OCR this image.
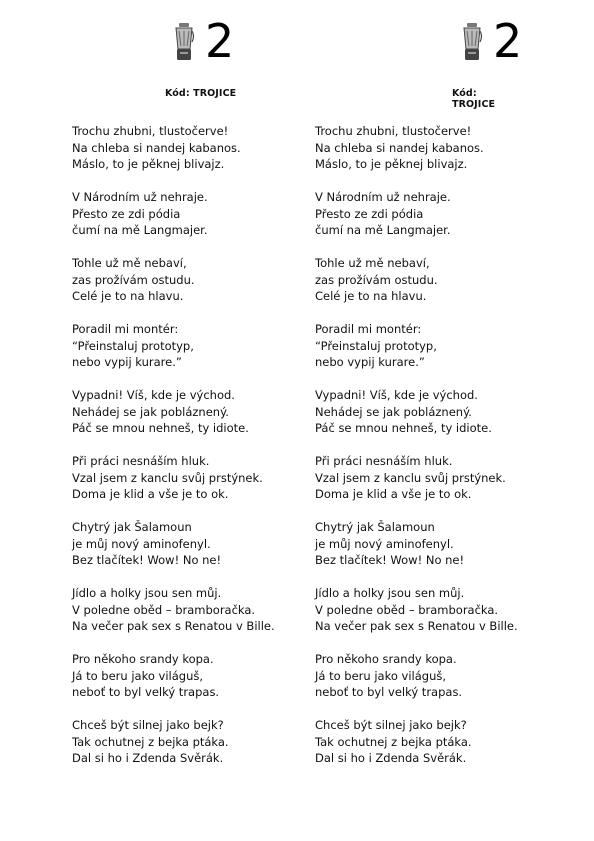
2
Kód: TROJICE
Trochu zhubni, tlustočerve!
Na chleba si nandej kabanos.
Máslo, to je pěknej blivajz.
V Národním už nehraje.
Přesto ze zdi pódia
čumí na mě Langmajer.
Tohle už mě nebaví,
zas prožívám ostudu.
Celé je to na hlavu.
Poradil mi montér:
“Přeinstaluj prototyp,
nebo vypij kurare.”
Vypadni! Víš, kde je východ.
Nehádej se jak pobláznený.
Páč se mnou nehneš, ty idiote.
Při práci nesnáším hluk.
Vzal jsem z kanclu svůj prstýnek.
Doma je klid a vše je to ok.
Chytrý jak Šalamoun
je můj nový aminofenyl.
Bez tlačítek! Wow! No ne!
Jídlo a holky jsou sen můj.
V poledne oběd – bramboračka.
Na večer pak sex s Renatou v Bille.
Pro někoho srandy kopa.
Já to beru jako világuš,
neboť to byl velký trapas.
Chceš být silnej jako bejk?
Tak ochutnej z bejka ptáka.
Dal si ho i Zdenda Svěrák.
2
Kód: TROJICE
Trochu zhubni, tlustočerve!
Na chleba si nandej kabanos.
Máslo, to je pěknej blivajz.
V Národním už nehraje.
Přesto ze zdi pódia
čumí na mě Langmajer.
Tohle už mě nebaví,
zas prožívám ostudu.
Celé je to na hlavu.
Poradil mi montér:
“Přeinstaluj prototyp,
nebo vypij kurare.”
Vypadni! Víš, kde je východ.
Nehádej se jak pobláznený.
Páč se mnou nehneš, ty idiote.
Při práci nesnáším hluk.
Vzal jsem z kanclu svůj prstýnek.
Doma je klid a vše je to ok.
Chytrý jak Šalamoun
je můj nový aminofenyl.
Bez tlačítek! Wow! No ne!
Jídlo a holky jsou sen můj.
V poledne oběd – bramboračka.
Na večer pak sex s Renatou v Bille.
Pro někoho srandy kopa.
Já to beru jako világuš,
neboť to byl velký trapas.
Chceš být silnej jako bejk?
Tak ochutnej z bejka ptáka.
Dal si ho i Zdenda Svěrák.
